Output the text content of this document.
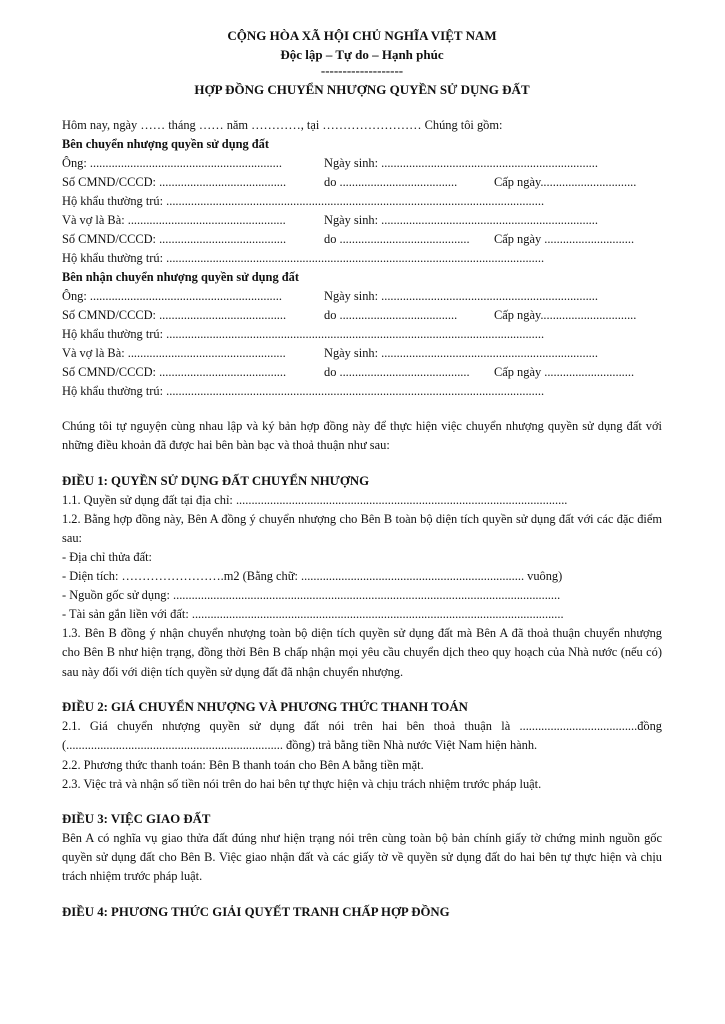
CỘNG HÒA XÃ HỘI CHỦ NGHĨA VIỆT NAM
Độc lập – Tự do – Hạnh phúc
-------------------
HỢP ĐỒNG CHUYỂN NHƯỢNG QUYỀN SỬ DỤNG ĐẤT
Hôm nay, ngày …… tháng …… năm …………, tại …………………… Chúng tôi gồm:
Bên chuyển nhượng quyền sử dụng đất
Ông: ..............................................................	Ngày sinh: ......................................................................
Số CMND/CCCD: .........................................	do ......................................	Cấp ngày...............................
Hộ khẩu thường trú: ..........................................................................................................................
Và vợ là Bà: ...................................................	Ngày sinh: ......................................................................
Số CMND/CCCD: .........................................	do ..........................................	Cấp ngày .............................
Hộ khẩu thường trú: ..........................................................................................................................
Bên nhận chuyển nhượng quyền sử dụng đất
Ông: ..............................................................	Ngày sinh: ......................................................................
Số CMND/CCCD: .........................................	do ......................................	Cấp ngày...............................
Hộ khẩu thường trú: ..........................................................................................................................
Và vợ là Bà: ...................................................	Ngày sinh: ......................................................................
Số CMND/CCCD: .........................................	do ..........................................	Cấp ngày .............................
Hộ khẩu thường trú: ..........................................................................................................................
Chúng tôi tự nguyện cùng nhau lập và ký bản hợp đồng này để thực hiện việc chuyển nhượng quyền sử dụng đất với những điều khoản đã được hai bên bàn bạc và thoả thuận như sau:
ĐIỀU 1: QUYỀN SỬ DỤNG ĐẤT CHUYỂN NHƯỢNG
1.1. Quyền sử dụng đất tại địa chỉ: ...........................................................................................................
1.2. Bằng hợp đồng này, Bên A đồng ý chuyển nhượng cho Bên B toàn bộ diện tích quyền sử dụng đất với các đặc điểm sau:
- Địa chỉ thửa đất:
- Diện tích: …………………….m2 (Bằng chữ: ........................................................................ vuông)
- Nguồn gốc sử dụng: .............................................................................................................................
- Tài sản gắn liền với đất: ........................................................................................................................
1.3. Bên B đồng ý nhận chuyển nhượng toàn bộ diện tích quyền sử dụng đất mà Bên A đã thoả thuận chuyển nhượng cho Bên B như hiện trạng, đồng thời Bên B chấp nhận mọi yêu cầu chuyển dịch theo quy hoạch của Nhà nước (nếu có) sau này đối với diện tích quyền sử dụng đất đã nhận chuyển nhượng.
ĐIỀU 2: GIÁ CHUYỂN NHƯỢNG VÀ PHƯƠNG THỨC THANH TOÁN
2.1. Giá chuyển nhượng quyền sử dụng đất nói trên hai bên thoả thuận là ......................................đồng (...................................................................... đồng) trả bằng tiền Nhà nước Việt Nam hiện hành.
2.2. Phương thức thanh toán: Bên B thanh toán cho Bên A bằng tiền mặt.
2.3. Việc trả và nhận số tiền nói trên do hai bên tự thực hiện và chịu trách nhiệm trước pháp luật.
ĐIỀU 3: VIỆC GIAO ĐẤT
Bên A có nghĩa vụ giao thửa đất đúng như hiện trạng nói trên cùng toàn bộ bản chính giấy tờ chứng minh nguồn gốc quyền sử dụng đất cho Bên B. Việc giao nhận đất và các giấy tờ về quyền sử dụng đất do hai bên tự thực hiện và chịu trách nhiệm trước pháp luật.
ĐIỀU 4: PHƯƠNG THỨC GIẢI QUYẾT TRANH CHẤP HỢP ĐỒNG
